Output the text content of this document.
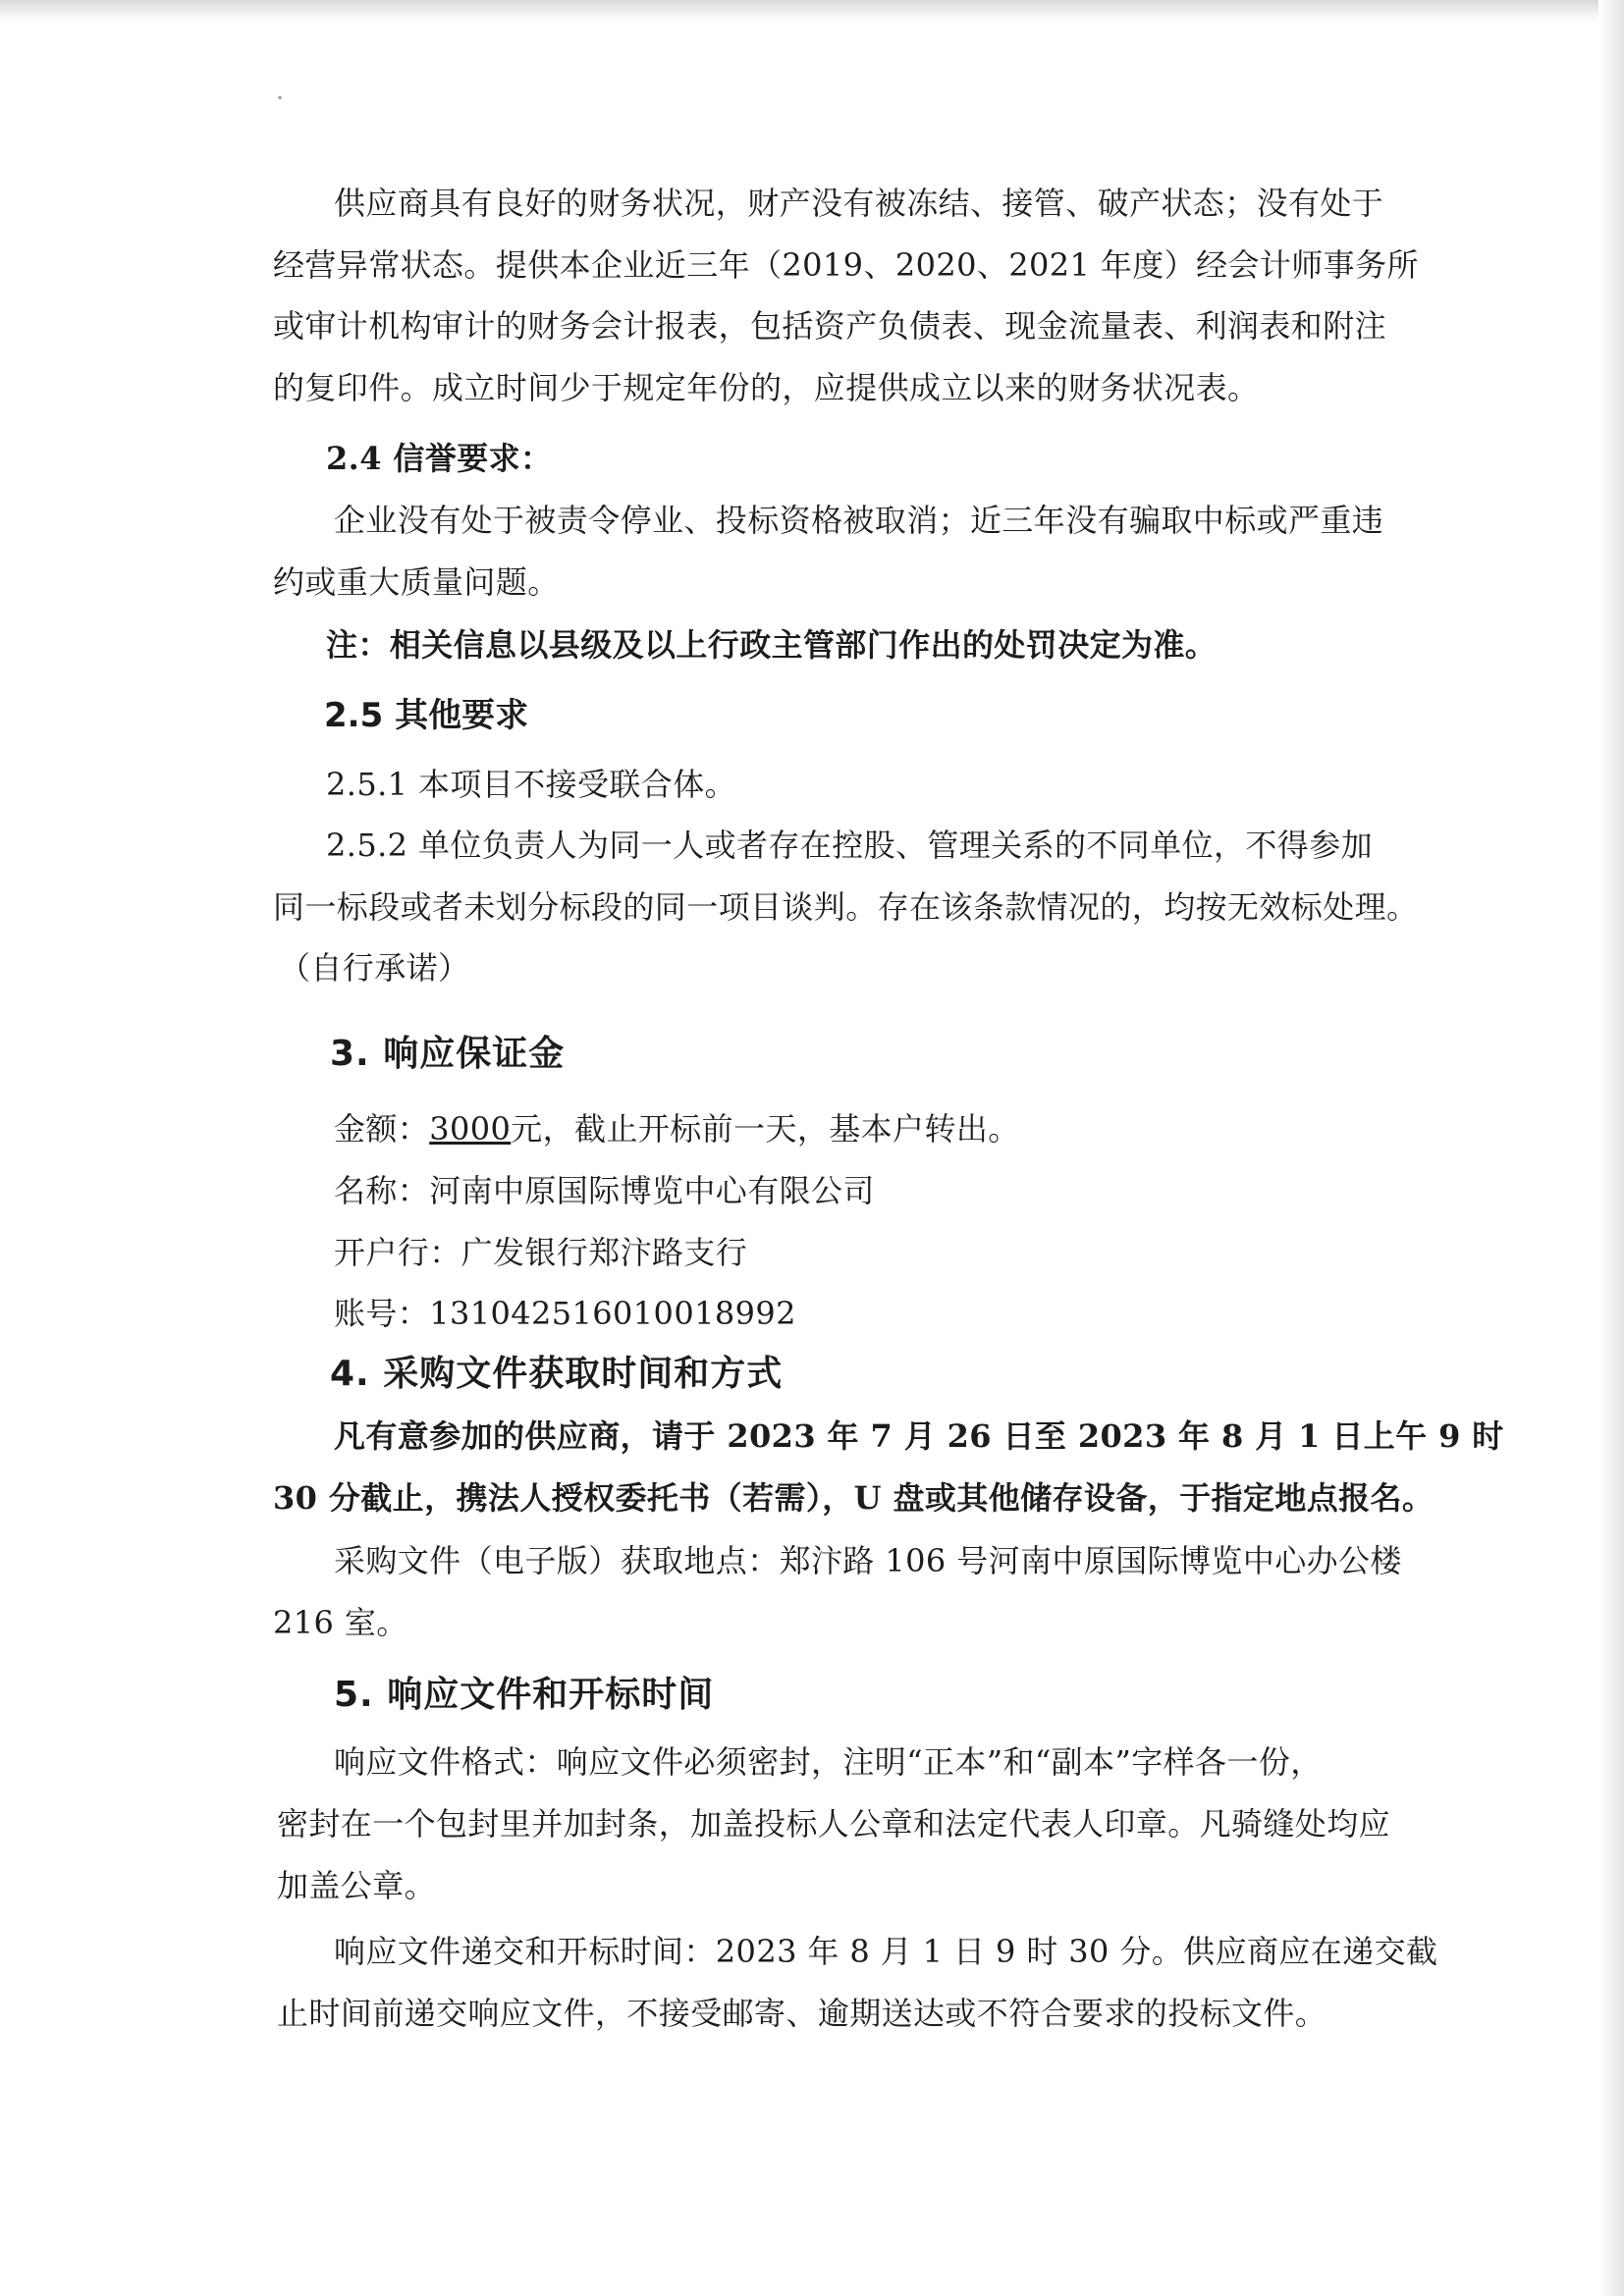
供应商具有良好的财务状况，财产没有被冻结、接管、破产状态；没有处于
经营异常状态。提供本企业近三年（2019、2020、2021 年度）经会计师事务所
或审计机构审计的财务会计报表，包括资产负债表、现金流量表、利润表和附注
的复印件。成立时间少于规定年份的，应提供成立以来的财务状况表。
2.4 信誉要求：
企业没有处于被责令停业、投标资格被取消；近三年没有骗取中标或严重违
约或重大质量问题。
注：相关信息以县级及以上行政主管部门作出的处罚决定为准。
2.5 其他要求
2.5.1 本项目不接受联合体。
2.5.2 单位负责人为同一人或者存在控股、管理关系的不同单位，不得参加
同一标段或者未划分标段的同一项目谈判。存在该条款情况的，均按无效标处理。
（自行承诺）
3. 响应保证金
金额：3000元，截止开标前一天，基本户转出。
名称：河南中原国际博览中心有限公司
开户行：广发银行郑汴路支行
账号：131042516010018992
4. 采购文件获取时间和方式
凡有意参加的供应商，请于 2023 年 7 月 26 日至 2023 年 8 月 1 日上午 9 时
30 分截止，携法人授权委托书（若需），U 盘或其他储存设备，于指定地点报名。
采购文件（电子版）获取地点：郑汴路 106 号河南中原国际博览中心办公楼
216 室。
5. 响应文件和开标时间
响应文件格式：响应文件必须密封，注明“正本”和“副本”字样各一份，
密封在一个包封里并加封条，加盖投标人公章和法定代表人印章。凡骑缝处均应
加盖公章。
响应文件递交和开标时间：2023 年 8 月 1 日 9 时 30 分。供应商应在递交截
止时间前递交响应文件，不接受邮寄、逾期送达或不符合要求的投标文件。
